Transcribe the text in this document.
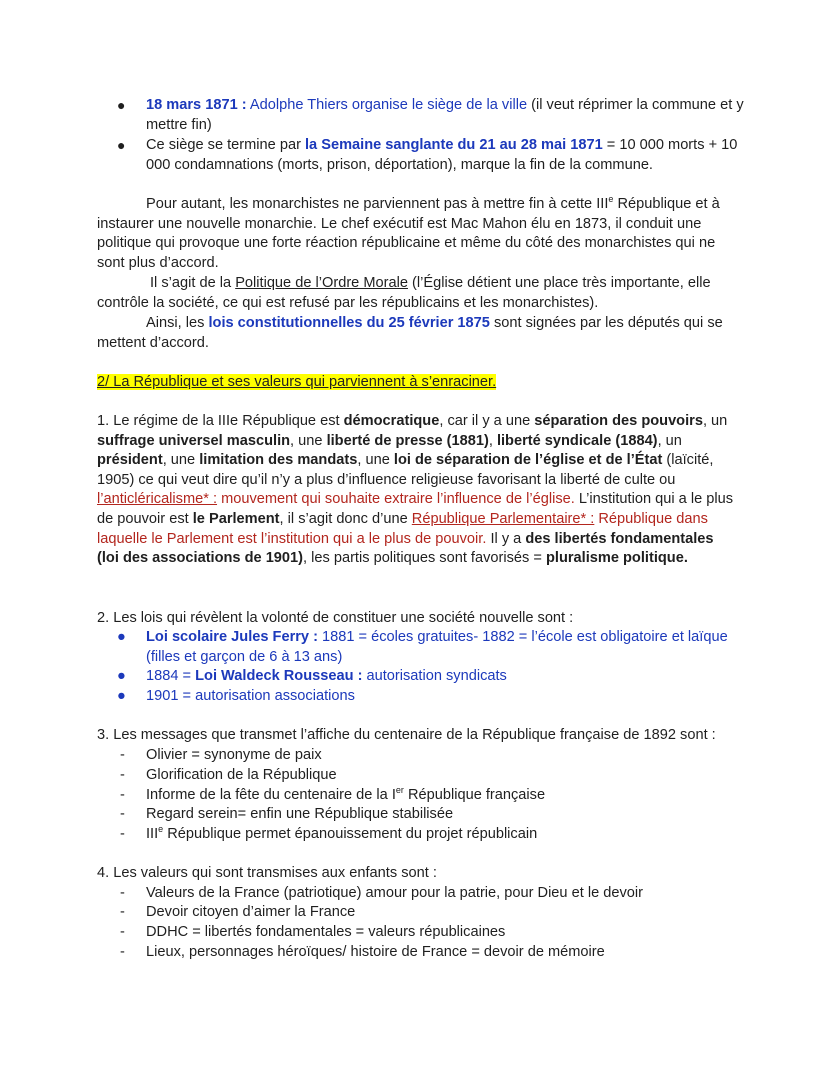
● 18 mars 1871 : Adolphe Thiers organise le siège de la ville (il veut réprimer la commune et y mettre fin)
● Ce siège se termine par la Semaine sanglante du 21 au 28 mai 1871 = 10 000 morts + 10 000 condamnations (morts, prison, déportation), marque la fin de la commune.
Pour autant, les monarchistes ne parviennent pas à mettre fin à cette IIIe République et à instaurer une nouvelle monarchie. Le chef exécutif est Mac Mahon élu en 1873, il conduit une politique qui provoque une forte réaction républicaine et même du côté des monarchistes qui ne sont plus d’accord.
Il s’agit de la Politique de l’Ordre Morale (l’Église détient une place très importante, elle contrôle la société, ce qui est refusé par les républicains et les monarchistes).
Ainsi, les lois constitutionnelles du 25 février 1875 sont signées par les députés qui se mettent d’accord.
2/ La République et ses valeurs qui parviennent à s’enraciner.
1. Le régime de la IIIe République est démocratique, car il y a une séparation des pouvoirs, un suffrage universel masculin, une liberté de presse (1881), liberté syndicale (1884), un président, une limitation des mandats, une loi de séparation de l’église et de l’État (laïcité, 1905) ce qui veut dire qu’il n’y a plus d’influence religieuse favorisant la liberté de culte ou l’anticléricalisme* : mouvement qui souhaite extraire l’influence de l’église. L’institution qui a le plus de pouvoir est le Parlement, il s’agit donc d’une République Parlementaire* : République dans laquelle le Parlement est l’institution qui a le plus de pouvoir. Il y a des libertés fondamentales (loi des associations de 1901), les partis politiques sont favorisés = pluralisme politique.
2. Les lois qui révèlent la volonté de constituer une société nouvelle sont :
● Loi scolaire Jules Ferry : 1881 = écoles gratuites- 1882 = l’école est obligatoire et laïque (filles et garçon de 6 à 13 ans)
● 1884 = Loi Waldeck Rousseau : autorisation syndicats
● 1901 = autorisation associations
3. Les messages que transmet l’affiche du centenaire de la République française de 1892 sont :
- Olivier = synonyme de paix
- Glorification de la République
- Informe de la fête du centenaire de la Ier République française
- Regard serein= enfin une République stabilisée
- IIIe République permet épanouissement du projet républicain
4. Les valeurs qui sont transmises aux enfants sont :
- Valeurs de la France (patriotique) amour pour la patrie, pour Dieu et le devoir
- Devoir citoyen d’aimer la France
- DDHC = libertés fondamentales = valeurs républicaines
- Lieux, personnages héroïques/ histoire de France = devoir de mémoire
